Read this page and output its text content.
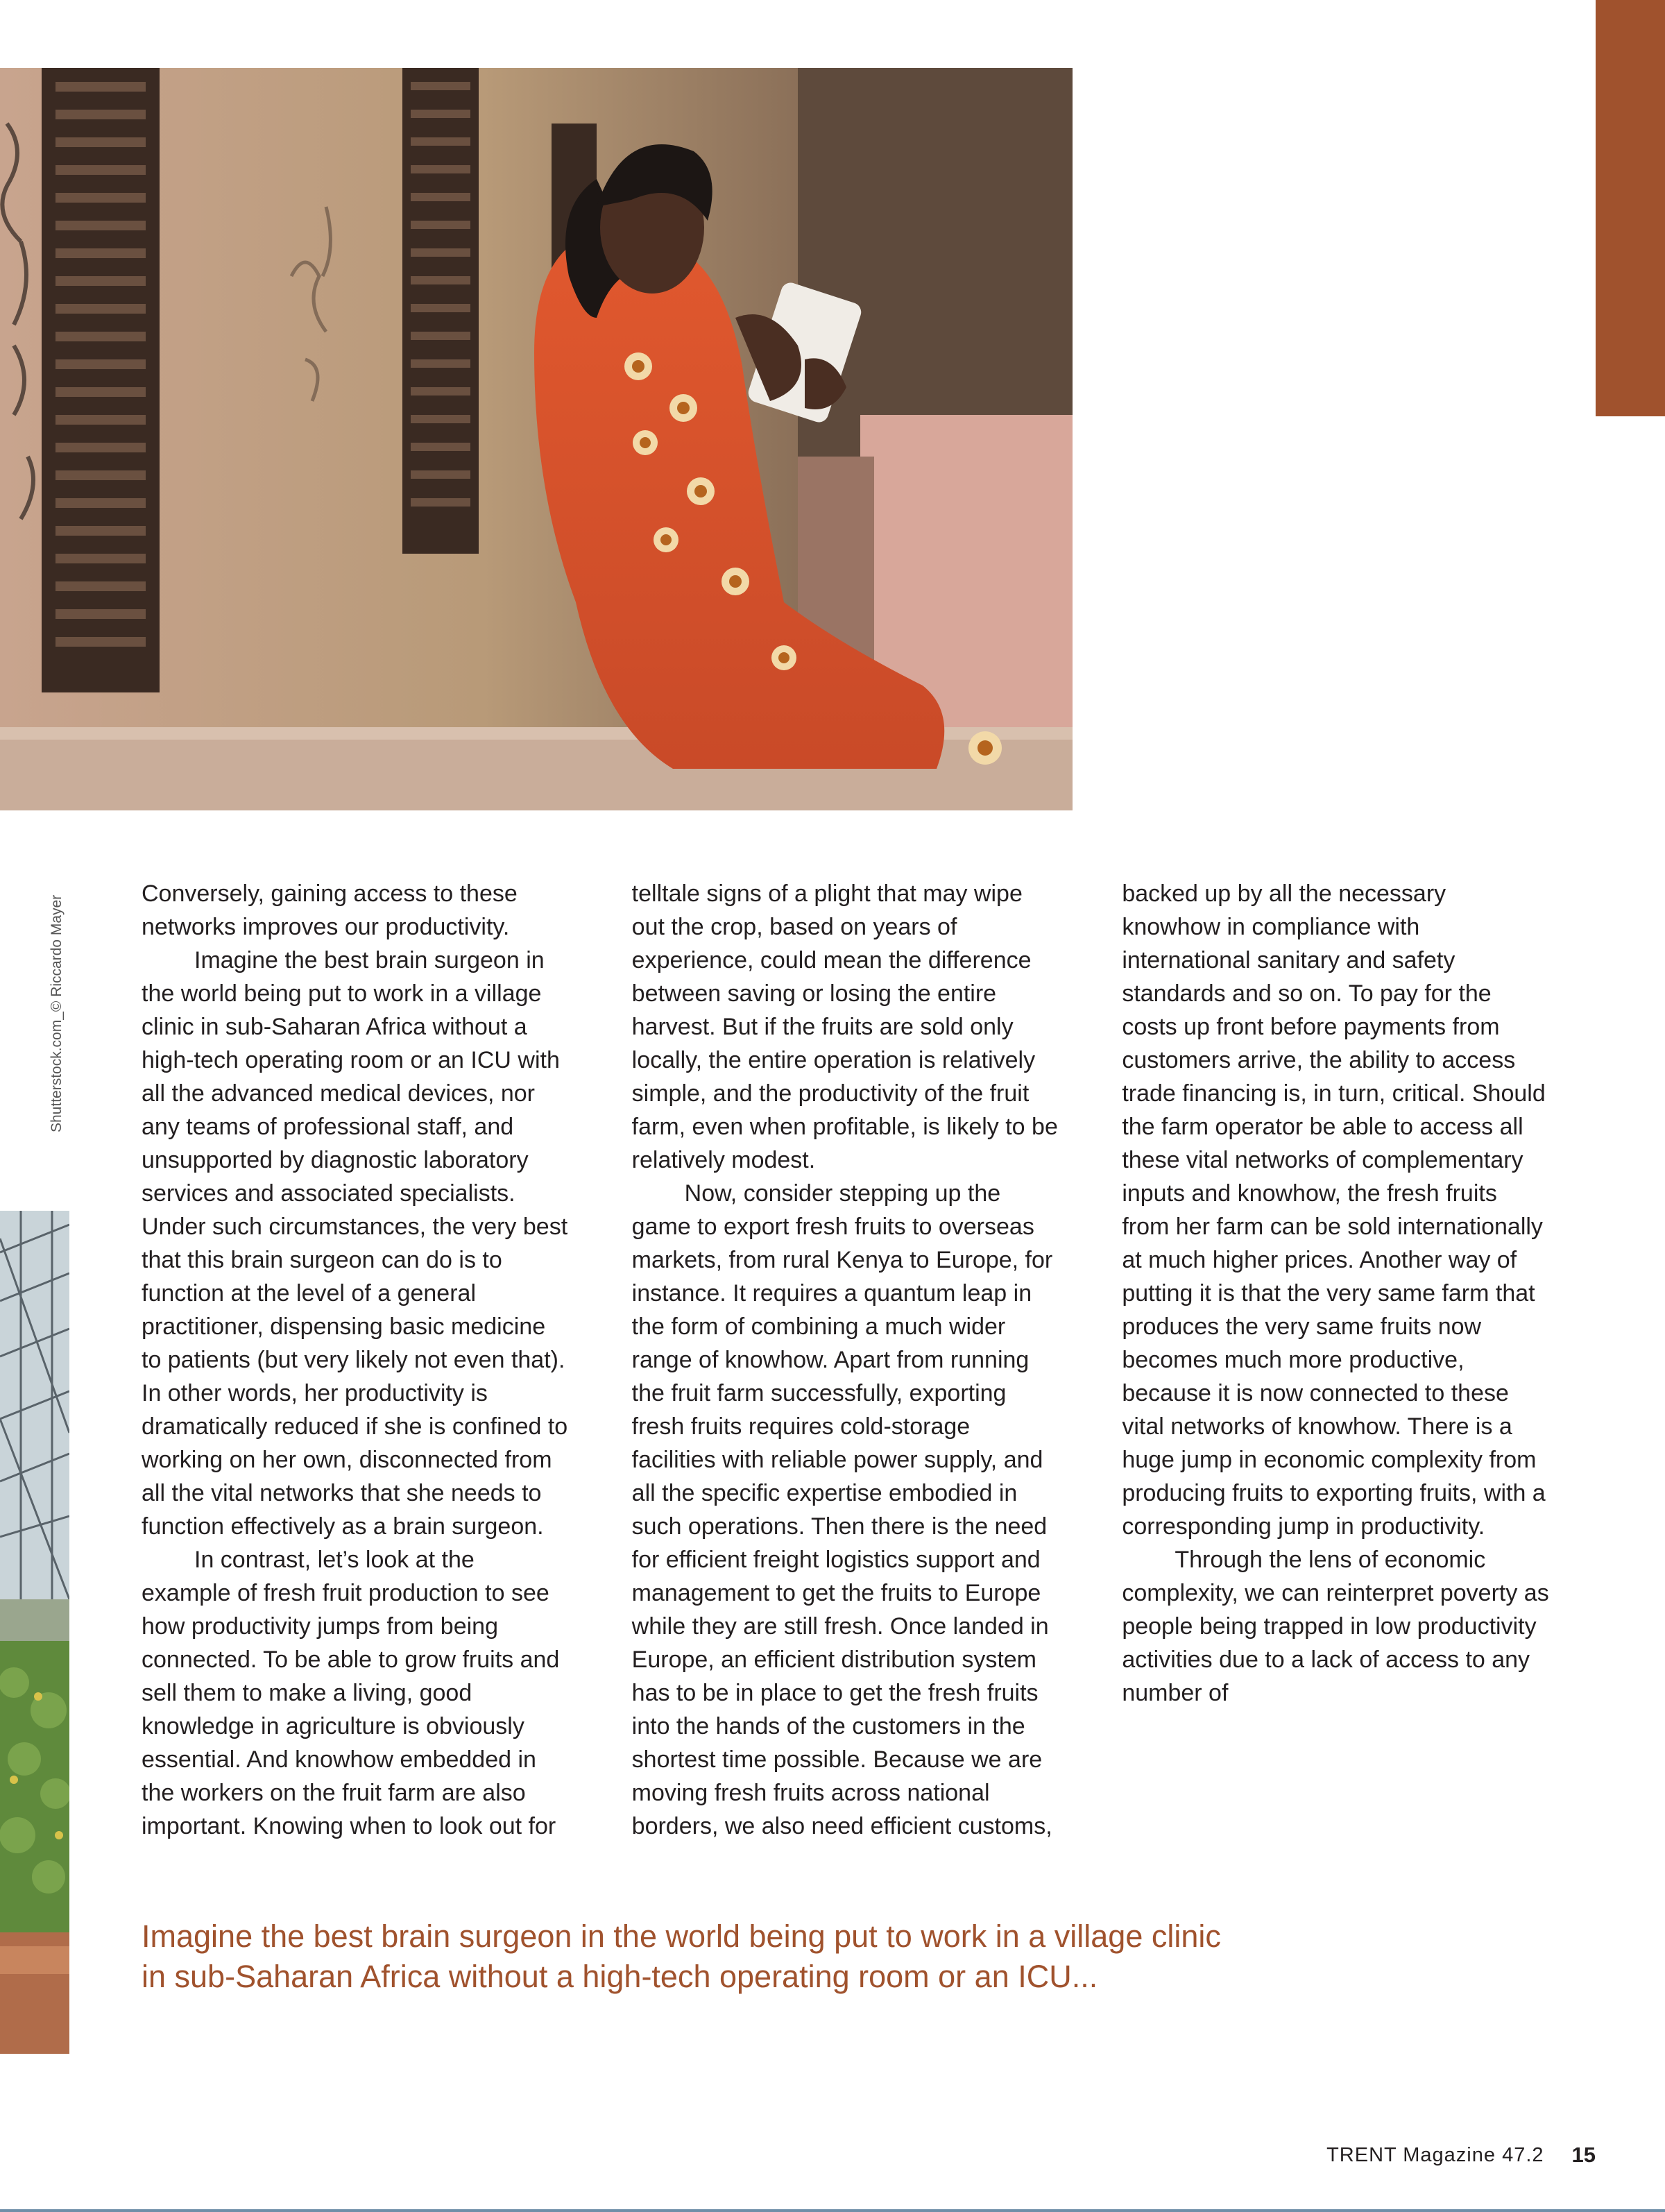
Shutterstock.com_© Riccardo Mayer

Conversely, gaining access to these networks improves our productivity.

Imagine the best brain surgeon in the world being put to work in a village clinic in sub-Saharan Africa without a high-tech operating room or an ICU with all the advanced medical devices, nor any teams of professional staff, and unsupported by diagnostic laboratory services and associated specialists. Under such circumstances, the very best that this brain surgeon can do is to function at the level of a general practitioner, dispensing basic medicine to patients (but very likely not even that). In other words, her productivity is dramatically reduced if she is confined to working on her own, disconnected from all the vital networks that she needs to function effectively as a brain surgeon.

In contrast, let’s look at the example of fresh fruit production to see how productivity jumps from being connected. To be able to grow fruits and sell them to make a living, good knowledge in agriculture is obviously essential. And knowhow embedded in the workers on the fruit farm are also important. Knowing when to look out for telltale signs of a plight that may wipe out the crop, based on years of experience, could mean the difference between saving or losing the entire harvest. But if the fruits are sold only locally, the entire operation is relatively simple, and the productivity of the fruit farm, even when profitable, is likely to be relatively modest.

Now, consider stepping up the game to export fresh fruits to overseas markets, from rural Kenya to Europe, for instance. It requires a quantum leap in the form of combining a much wider range of knowhow. Apart from running the fruit farm successfully, exporting fresh fruits requires cold-storage facilities with reliable power supply, and all the specific expertise embodied in such operations. Then there is the need for efficient freight logistics support and management to get the fruits to Europe while they are still fresh. Once landed in Europe, an efficient distribution system has to be in place to get the fresh fruits into the hands of the customers in the shortest time possible. Because we are moving fresh fruits across national borders, we also need efficient customs, backed up by all the necessary knowhow in compliance with international sanitary and safety standards and so on. To pay for the costs up front before payments from customers arrive, the ability to access trade financing is, in turn, critical. Should the farm operator be able to access all these vital networks of complementary inputs and knowhow, the fresh fruits from her farm can be sold internationally at much higher prices. Another way of putting it is that the very same farm that produces the very same fruits now becomes much more productive, because it is now connected to these vital networks of knowhow. There is a huge jump in economic complexity from producing fruits to exporting fruits, with a corresponding jump in productivity.

Through the lens of economic complexity, we can reinterpret poverty as people being trapped in low productivity activities due to a lack of access to any number of

Imagine the best brain surgeon in the world being put to work in a village clinic
in sub-Saharan Africa without a high-tech operating room or an ICU...
TRENT Magazine 47.2 15
